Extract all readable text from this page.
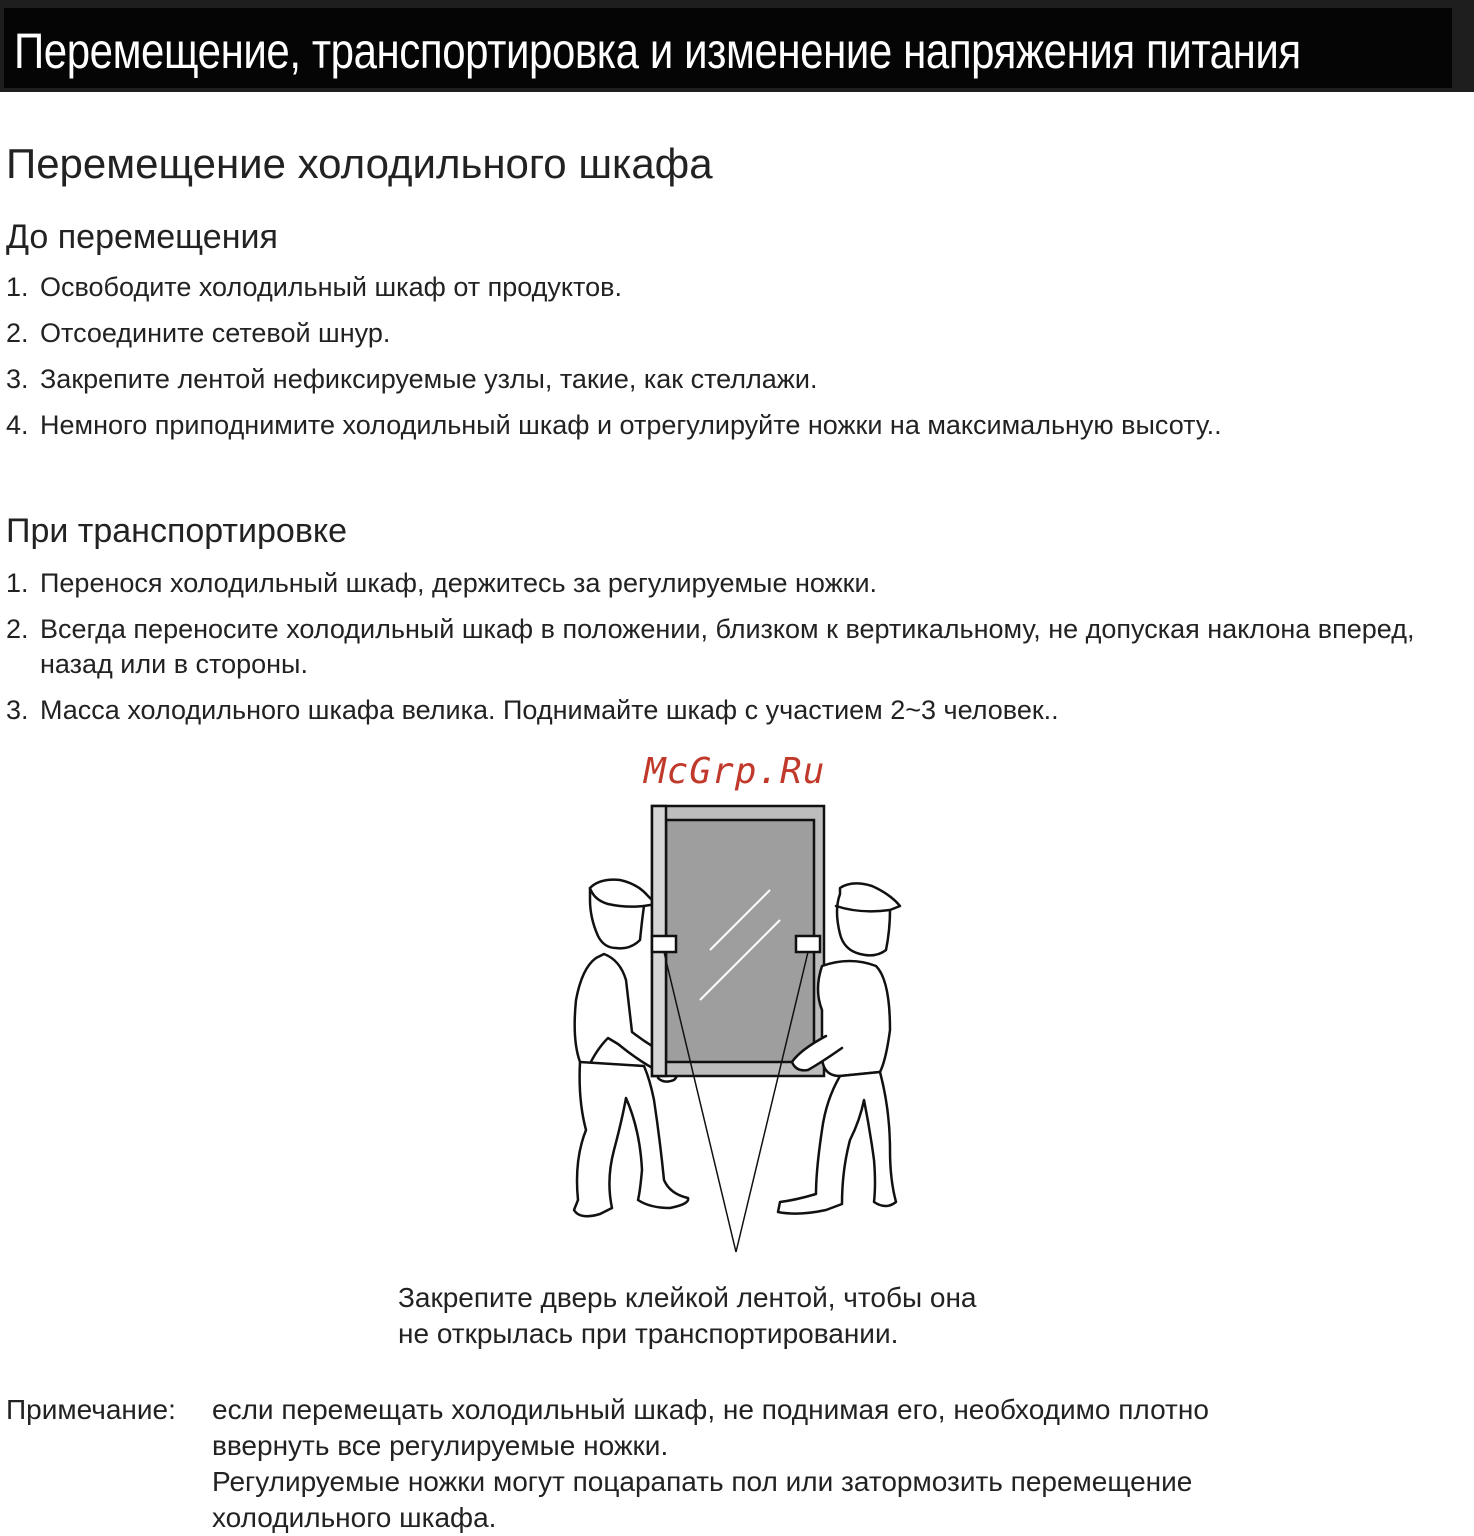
Перемещение, транспортировка и изменение напряжения питания
Перемещение холодильного шкафа
До перемещения
1. Освободите холодильный шкаф от продуктов.
2. Отсоедините сетевой шнур.
3. Закрепите лентой нефиксируемые узлы, такие, как стеллажи.
4. Немного приподнимите холодильный шкаф и отрегулируйте ножки на максимальную высоту..
При транспортировке
1. Перенося холодильный шкаф, держитесь за регулируемые ножки.
2. Всегда переносите холодильный шкаф в положении, близком к вертикальному, не допуская наклона вперед, назад или в стороны.
3. Масса холодильного шкафа велика. Поднимайте шкаф с участием 2~3 человек..
McGrp.Ru
Закрепите дверь клейкой лентой, чтобы она
не открылась при транспортировании.
Примечание: если перемещать холодильный шкаф, не поднимая его, необходимо плотно
ввернуть все регулируемые ножки.
Регулируемые ножки могут поцарапать пол или затормозить перемещение
холодильного шкафа.
